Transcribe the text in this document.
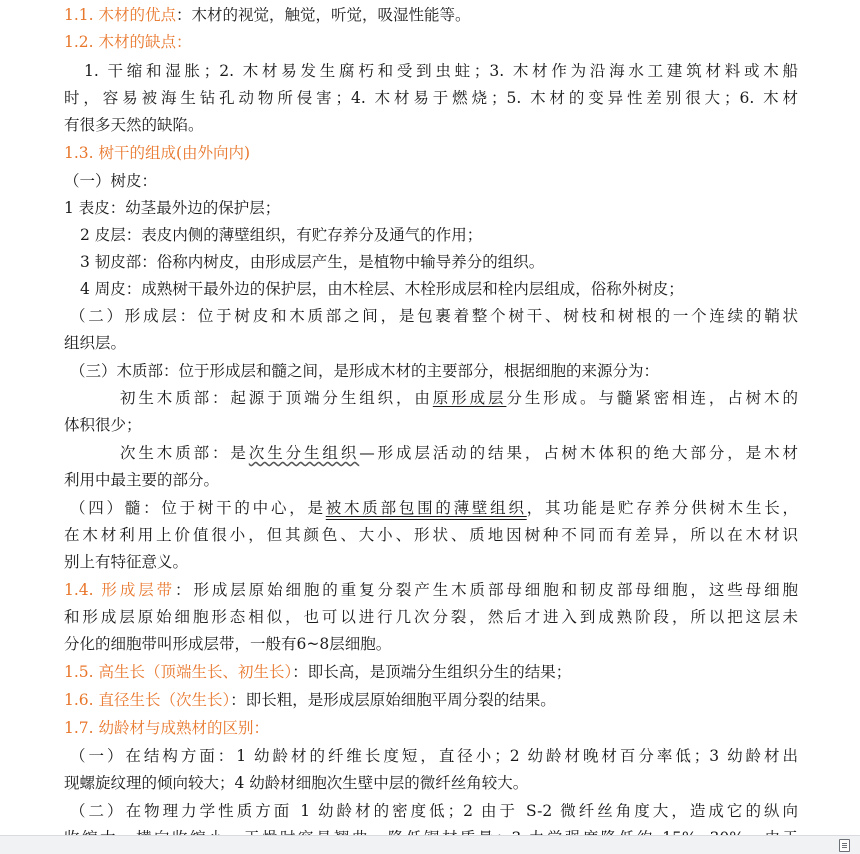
1.1. 木材的优点：木材的视觉，触觉，听觉，吸湿性能等。
1.2. 木材的缺点：
1. 干缩和湿胀；2. 木材易发生腐朽和受到虫蛀；3. 木材作为沿海水工建筑材料或木船
时，容易被海生钻孔动物所侵害；4. 木材易于燃烧；5. 木材的变异性差别很大；6. 木材
有很多天然的缺陷。
1.3. 树干的组成(由外向内)
（一）树皮：
1 表皮：幼茎最外边的保护层；
2 皮层：表皮内侧的薄壁组织，有贮存养分及通气的作用；
3 韧皮部：俗称内树皮，由形成层产生，是植物中输导养分的组织。
4 周皮：成熟树干最外边的保护层，由木栓层、木栓形成层和栓内层组成，俗称外树皮；
（二）形成层：位于树皮和木质部之间，是包裹着整个树干、树枝和树根的一个连续的鞘状
组织层。
（三）木质部：位于形成层和髓之间，是形成木材的主要部分，根据细胞的来源分为：
初生木质部：起源于顶端分生组织，由原形成层分生形成。与髓紧密相连，占树木的
体积很少；
次生木质部：是次生分生组织—形成层活动的结果，占树木体积的绝大部分，是木材
利用中最主要的部分。
（四）髓：位于树干的中心，是被木质部包围的薄壁组织，其功能是贮存养分供树木生长，
在木材利用上价值很小，但其颜色、大小、形状、质地因树种不同而有差异，所以在木材识
别上有特征意义。
1.4. 形成层带：形成层原始细胞的重复分裂产生木质部母细胞和韧皮部母细胞，这些母细胞
和形成层原始细胞形态相似，也可以进行几次分裂，然后才进入到成熟阶段，所以把这层未
分化的细胞带叫形成层带，一般有6~8层细胞。
1.5. 高生长（顶端生长、初生长）：即长高，是顶端分生组织分生的结果；
1.6. 直径生长（次生长）：即长粗，是形成层原始细胞平周分裂的结果。
1.7. 幼龄材与成熟材的区别：
（一）在结构方面：1 幼龄材的纤维长度短，直径小；2 幼龄材晚材百分率低；3 幼龄材出
现螺旋纹理的倾向较大；4 幼龄材细胞次生壁中层的微纤丝角较大。
（二）在物理力学性质方面 1 幼龄材的密度低；2 由于 S-2 微纤丝角度大，造成它的纵向
